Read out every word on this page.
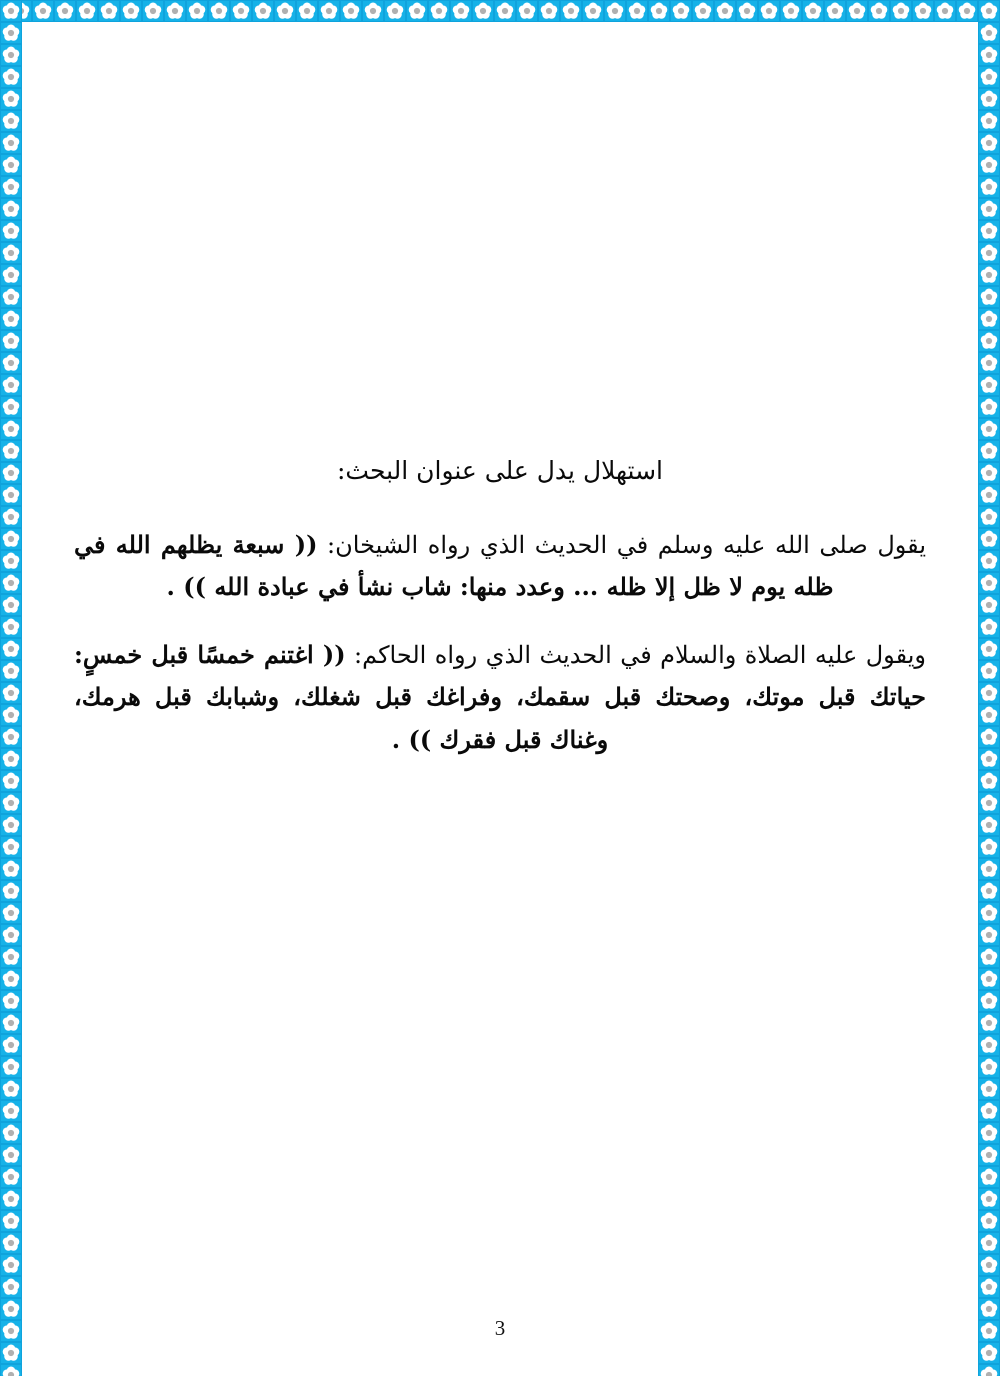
استهلال يدل على عنوان البحث:

يقول صلى الله عليه وسلم في الحديث الذي رواه الشيخان: (( سبعة يظلهم الله في ظله يوم لا ظل إلا ظله ... وعدد منها: شاب نشأ في عبادة الله )) .

ويقول عليه الصلاة والسلام في الحديث الذي رواه الحاكم: (( اغتنم خمسًا قبل خمسٍ: حياتك قبل موتك، وصحتك قبل سقمك، وفراغك قبل شغلك، وشبابك قبل هرمك، وغناك قبل فقرك )) .

3
